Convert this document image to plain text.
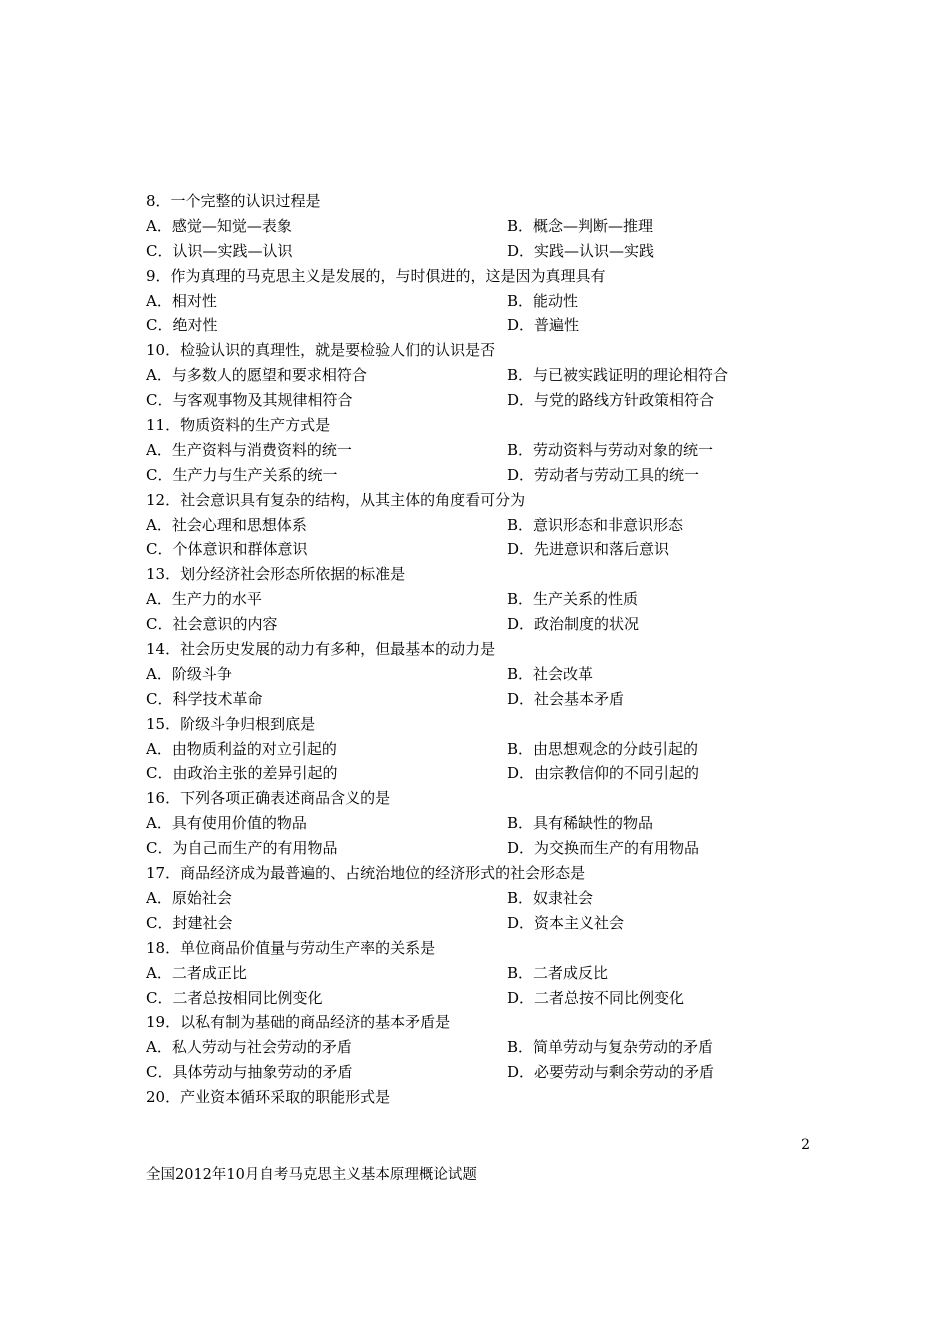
8．一个完整的认识过程是
A．感觉—知觉—表象	B．概念—判断—推理
C．认识—实践—认识	D．实践—认识—实践
9．作为真理的马克思主义是发展的，与时俱进的，这是因为真理具有
A．相对性	B．能动性
C．绝对性	D．普遍性
10．检验认识的真理性，就是要检验人们的认识是否
A．与多数人的愿望和要求相符合	B．与已被实践证明的理论相符合
C．与客观事物及其规律相符合	D．与党的路线方针政策相符合
11．物质资料的生产方式是
A．生产资料与消费资料的统一	B．劳动资料与劳动对象的统一
C．生产力与生产关系的统一	D．劳动者与劳动工具的统一
12．社会意识具有复杂的结构，从其主体的角度看可分为
A．社会心理和思想体系	B．意识形态和非意识形态
C．个体意识和群体意识	D．先进意识和落后意识
13．划分经济社会形态所依据的标准是
A．生产力的水平	B．生产关系的性质
C．社会意识的内容	D．政治制度的状况
14．社会历史发展的动力有多种，但最基本的动力是
A．阶级斗争	B．社会改革
C．科学技术革命	D．社会基本矛盾
15．阶级斗争归根到底是
A．由物质利益的对立引起的	B．由思想观念的分歧引起的
C．由政治主张的差异引起的	D．由宗教信仰的不同引起的
16．下列各项正确表述商品含义的是
A．具有使用价值的物品	B．具有稀缺性的物品
C．为自己而生产的有用物品	D．为交换而生产的有用物品
17．商品经济成为最普遍的、占统治地位的经济形式的社会形态是
A．原始社会	B．奴隶社会
C．封建社会	D．资本主义社会
18．单位商品价值量与劳动生产率的关系是
A．二者成正比	B．二者成反比
C．二者总按相同比例变化	D．二者总按不同比例变化
19．以私有制为基础的商品经济的基本矛盾是
A．私人劳动与社会劳动的矛盾	B．简单劳动与复杂劳动的矛盾
C．具体劳动与抽象劳动的矛盾	D．必要劳动与剩余劳动的矛盾
20．产业资本循环采取的职能形式是
2
全国2012年10月自考马克思主义基本原理概论试题
